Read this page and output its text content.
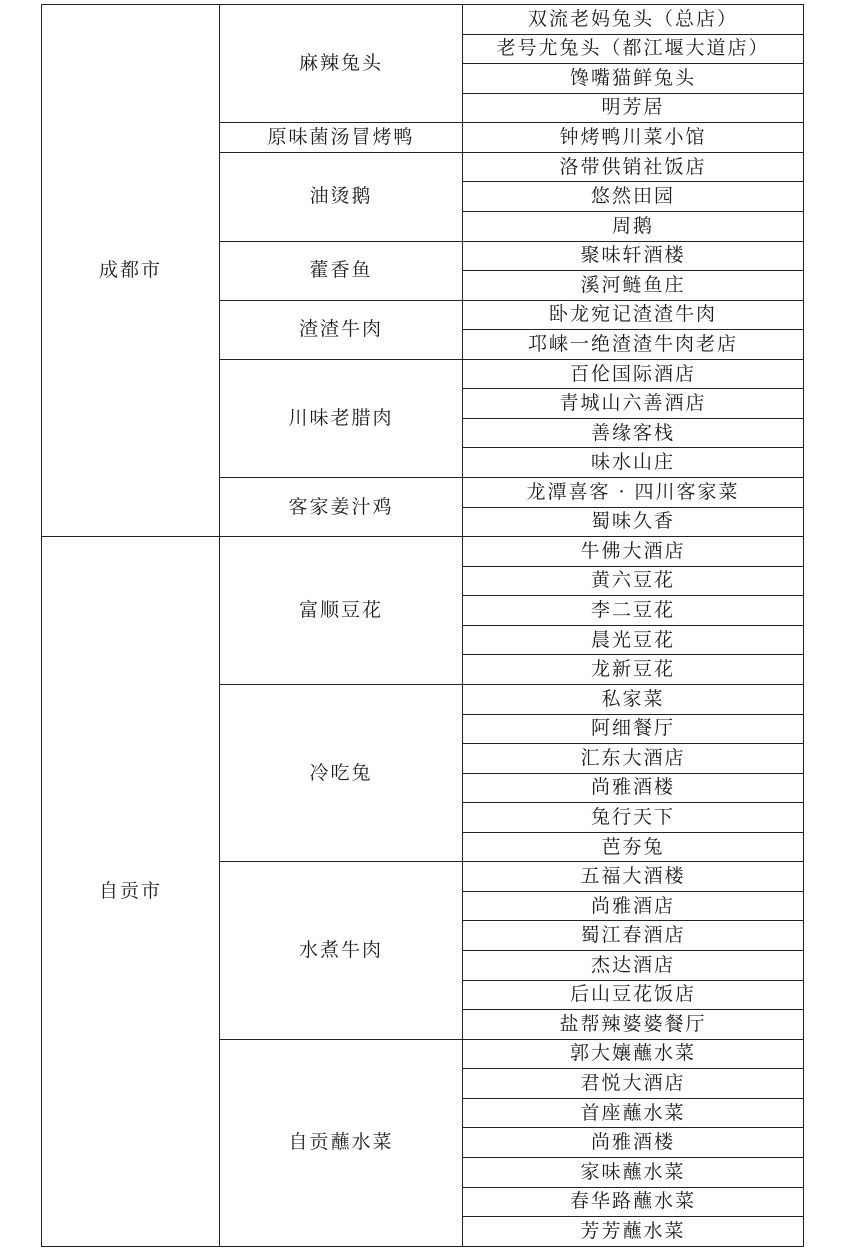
成都市	麻辣兔头	双流老妈兔头（总店）
		老号尤兔头（都江堰大道店）
		馋嘴猫鲜兔头
		明芳居
	原味菌汤冒烤鸭	钟烤鸭川菜小馆
	油烫鹅	洛带供销社饭店
		悠然田园
		周鹅
	藿香鱼	聚味轩酒楼
		溪河鲢鱼庄
	渣渣牛肉	卧龙宛记渣渣牛肉
		邛崃一绝渣渣牛肉老店
	川味老腊肉	百伦国际酒店
		青城山六善酒店
		善缘客栈
		味水山庄
	客家姜汁鸡	龙潭喜客 · 四川客家菜
		蜀味久香
自贡市	富顺豆花	牛佛大酒店
		黄六豆花
		李二豆花
		晨光豆花
		龙新豆花
	冷吃兔	私家菜
		阿细餐厅
		汇东大酒店
		尚雅酒楼
		兔行天下
		芭夯兔
	水煮牛肉	五福大酒楼
		尚雅酒店
		蜀江春酒店
		杰达酒店
		后山豆花饭店
		盐帮辣婆婆餐厅
	自贡蘸水菜	郭大孃蘸水菜
		君悦大酒店
		首座蘸水菜
		尚雅酒楼
		家味蘸水菜
		春华路蘸水菜
		芳芳蘸水菜
